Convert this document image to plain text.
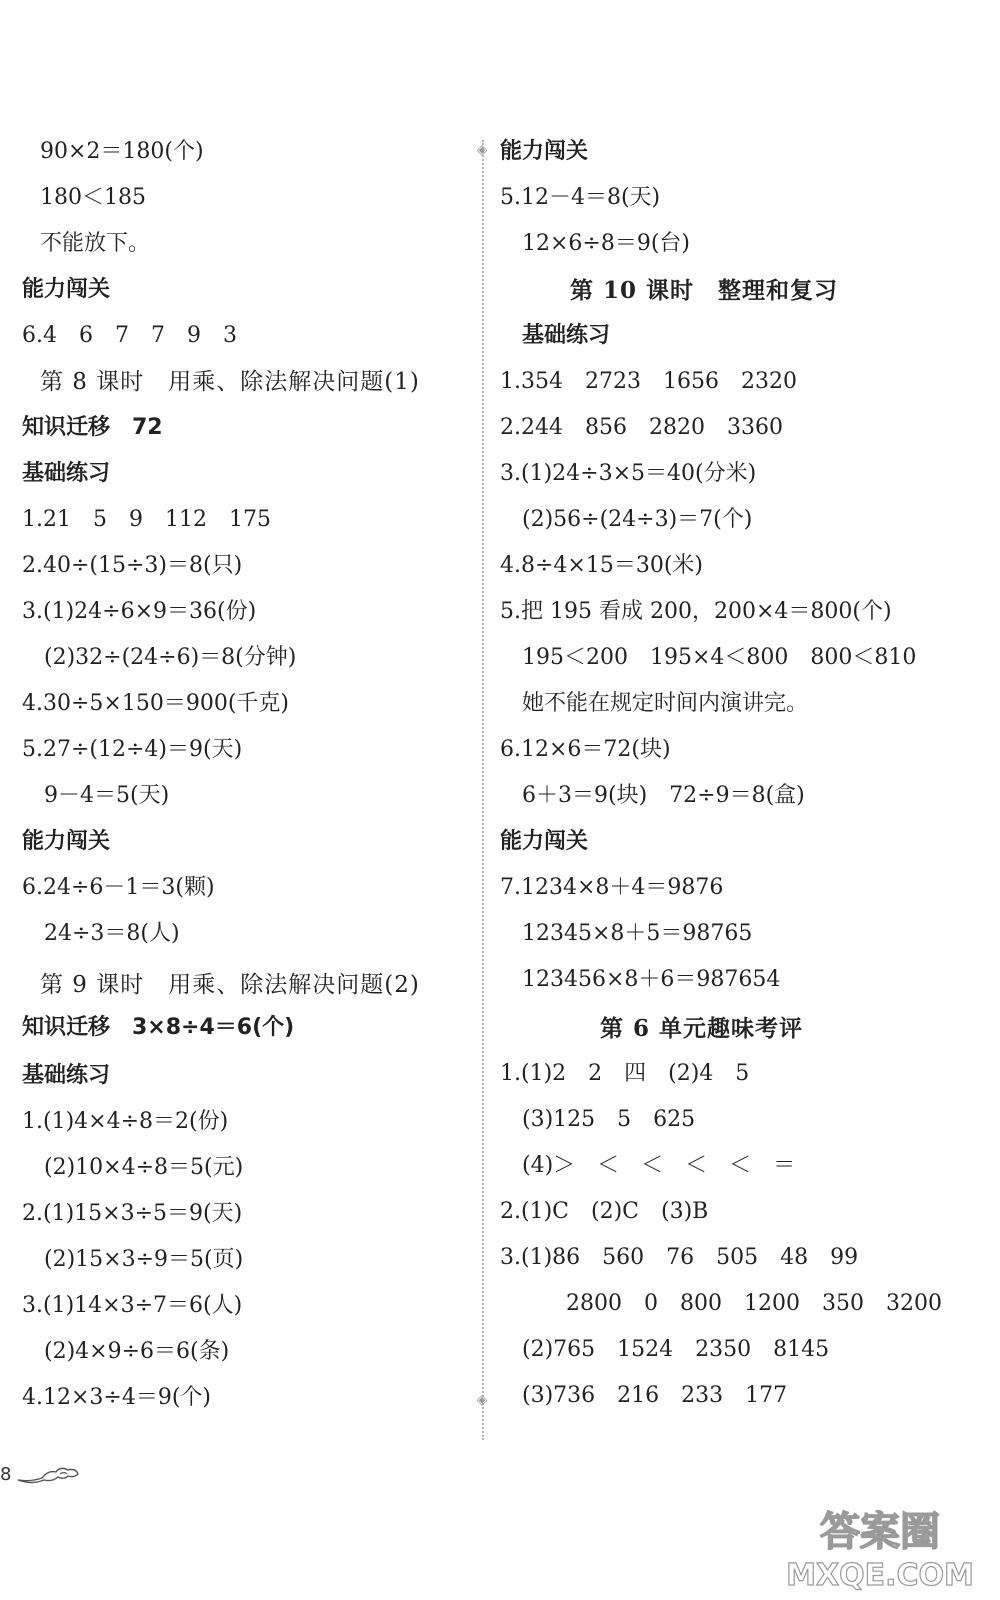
90×2＝180(个)
180＜185
不能放下。
能力闯关
6.4　6　7　7　9　3
第 8 课时　用乘、除法解决问题(1)
知识迁移　72
基础练习
1.21　5　9　112　175
2.40÷(15÷3)＝8(只)
3.(1)24÷6×9＝36(份)
(2)32÷(24÷6)＝8(分钟)
4.30÷5×150＝900(千克)
5.27÷(12÷4)＝9(天)
9－4＝5(天)
能力闯关
6.24÷6－1＝3(颗)
24÷3＝8(人)
第 9 课时　用乘、除法解决问题(2)
知识迁移　3×8÷4＝6(个)
基础练习
1.(1)4×4÷8＝2(份)
(2)10×4÷8＝5(元)
2.(1)15×3÷5＝9(天)
(2)15×3÷9＝5(页)
3.(1)14×3÷7＝6(人)
(2)4×9÷6＝6(条)
4.12×3÷4＝9(个)
◈
◈
能力闯关
5.12－4＝8(天)
12×6÷8＝9(台)
第 10 课时　整理和复习
基础练习
1.354　2723　1656　2320
2.244　856　2820　3360
3.(1)24÷3×5＝40(分米)
(2)56÷(24÷3)＝7(个)
4.8÷4×15＝30(米)
5.把 195 看成 200，200×4＝800(个)
195＜200　195×4＜800　800＜810
她不能在规定时间内演讲完。
6.12×6＝72(块)
6＋3＝9(块)　72÷9＝8(盒)
能力闯关
7.1234×8＋4＝9876
12345×8＋5＝98765
123456×8＋6＝987654
第 6 单元趣味考评
1.(1)2　2　四　(2)4　5
(3)125　5　625
(4)＞　＜　＜　＜　＜　＝
2.(1)C　(2)C　(3)B
3.(1)86　560　76　505　48　99
2800　0　800　1200　350　3200
(2)765　1524　2350　8145
(3)736　216　233　177
8
答案圈
MXQE.COM
